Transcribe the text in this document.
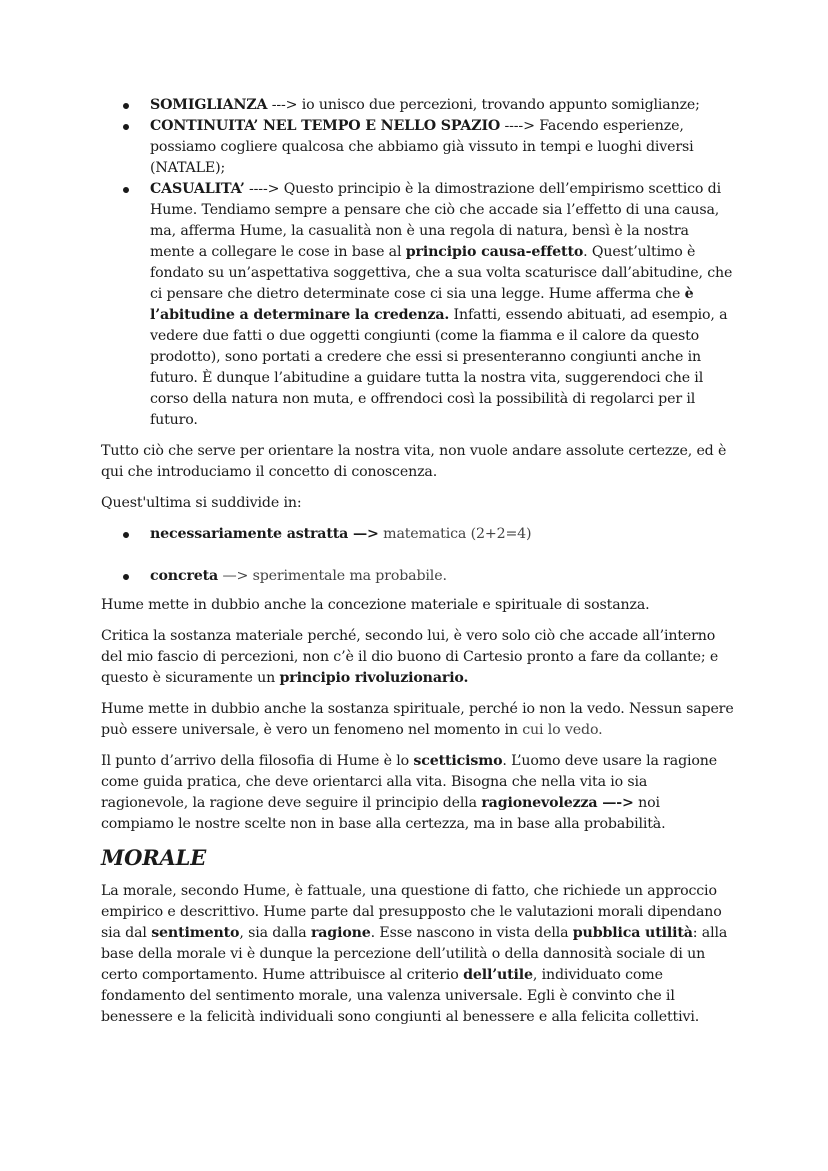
SOMIGLIANZA ---> io unisco due percezioni, trovando appunto somiglianze;
CONTINUITA’ NEL TEMPO E NELLO SPAZIO ----> Facendo esperienze, possiamo cogliere qualcosa che abbiamo già vissuto in tempi e luoghi diversi (NATALE);
CASUALITA’ ----> Questo principio è la dimostrazione dell’empirismo scettico di Hume. Tendiamo sempre a pensare che ciò che accade sia l’effetto di una causa, ma, afferma Hume, la casualità non è una regola di natura, bensì è la nostra mente a collegare le cose in base al principio causa-effetto. Quest’ultimo è fondato su un’aspettativa soggettiva, che a sua volta scaturisce dall’abitudine, che ci pensare che dietro determinate cose ci sia una legge. Hume afferma che è l’abitudine a determinare la credenza. Infatti, essendo abituati, ad esempio, a vedere due fatti o due oggetti congiunti (come la fiamma e il calore da questo prodotto), sono portati a credere che essi si presenteranno congiunti anche in futuro. È dunque l’abitudine a guidare tutta la nostra vita, suggerendoci che il corso della natura non muta, e offrendoci così la possibilità di regolarci per il futuro.

Tutto ciò che serve per orientare la nostra vita, non vuole andare assolute certezze, ed è qui che introduciamo il concetto di conoscenza.

Quest'ultima si suddivide in:

necessariamente astratta —> matematica (2+2=4)
concreta —> sperimentale ma probabile.

Hume mette in dubbio anche la concezione materiale e spirituale di sostanza.

Critica la sostanza materiale perché, secondo lui, è vero solo ciò che accade all’interno del mio fascio di percezioni, non c’è il dio buono di Cartesio pronto a fare da collante; e questo è sicuramente un principio rivoluzionario.

Hume mette in dubbio anche la sostanza spirituale, perché io non la vedo. Nessun sapere può essere universale, è vero un fenomeno nel momento in cui lo vedo.

Il punto d’arrivo della filosofia di Hume è lo scetticismo. L’uomo deve usare la ragione come guida pratica, che deve orientarci alla vita. Bisogna che nella vita io sia ragionevole, la ragione deve seguire il principio della ragionevolezza —-> noi compiamo le nostre scelte non in base alla certezza, ma in base alla probabilità.

MORALE

La morale, secondo Hume, è fattuale, una questione di fatto, che richiede un approccio empirico e descrittivo. Hume parte dal presupposto che le valutazioni morali dipendano sia dal sentimento, sia dalla ragione. Esse nascono in vista della pubblica utilità: alla base della morale vi è dunque la percezione dell’utilità o della dannosità sociale di un certo comportamento. Hume attribuisce al criterio dell’utile, individuato come fondamento del sentimento morale, una valenza universale. Egli è convinto che il benessere e la felicità individuali sono congiunti al benessere e alla felicita collettivi.
